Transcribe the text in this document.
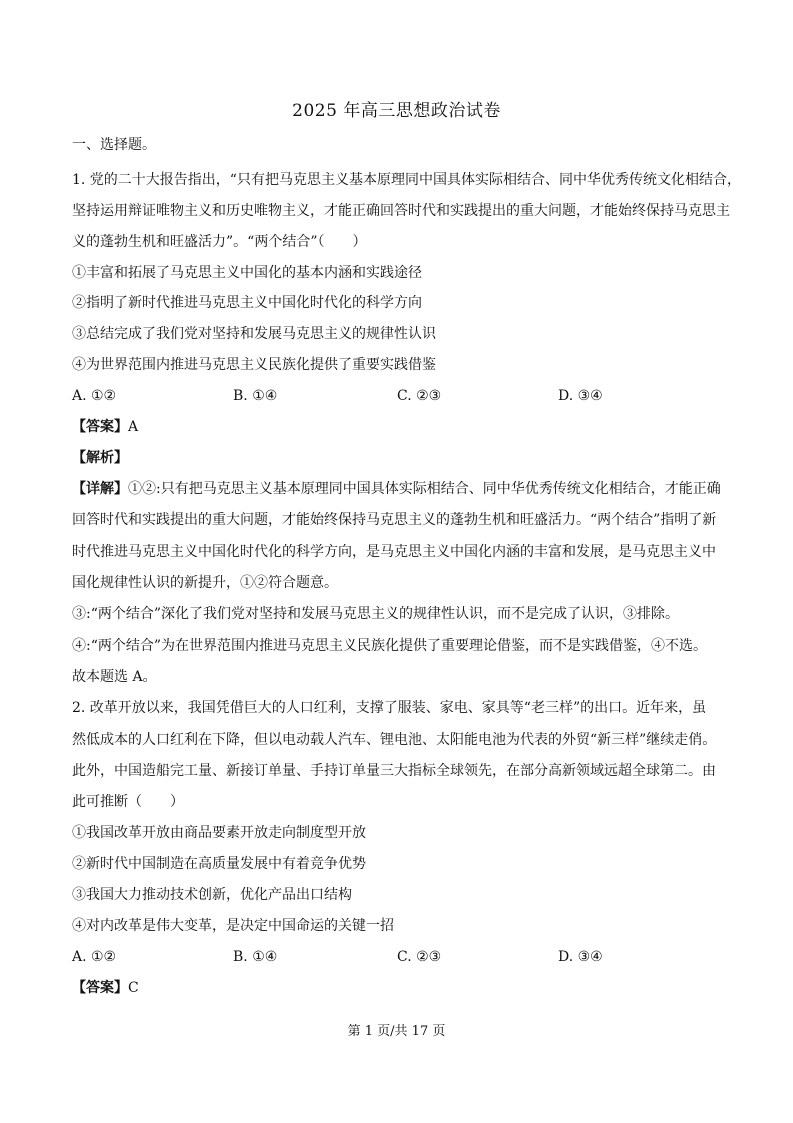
2025 年高三思想政治试卷
一、选择题。
1. 党的二十大报告指出，“只有把马克思主义基本原理同中国具体实际相结合、同中华优秀传统文化相结合，
坚持运用辩证唯物主义和历史唯物主义，才能正确回答时代和实践提出的重大问题，才能始终保持马克思主
义的蓬勃生机和旺盛活力”。“两个结合”（　　）
①丰富和拓展了马克思主义中国化的基本内涵和实践途径
②指明了新时代推进马克思主义中国化时代化的科学方向
③总结完成了我们党对坚持和发展马克思主义的规律性认识
④为世界范围内推进马克思主义民族化提供了重要实践借鉴
A. ①②	B. ①④	C. ②③	D. ③④
【答案】A
【解析】
【详解】①②:只有把马克思主义基本原理同中国具体实际相结合、同中华优秀传统文化相结合，才能正确
回答时代和实践提出的重大问题，才能始终保持马克思主义的蓬勃生机和旺盛活力。“两个结合”指明了新
时代推进马克思主义中国化时代化的科学方向，是马克思主义中国化内涵的丰富和发展，是马克思主义中
国化规律性认识的新提升，①②符合题意。
③:“两个结合”深化了我们党对坚持和发展马克思主义的规律性认识，而不是完成了认识，③排除。
④:“两个结合”为在世界范围内推进马克思主义民族化提供了重要理论借鉴，而不是实践借鉴，④不选。
故本题选 A。
2. 改革开放以来，我国凭借巨大的人口红利，支撑了服装、家电、家具等“老三样”的出口。近年来，虽
然低成本的人口红利在下降，但以电动载人汽车、锂电池、太阳能电池为代表的外贸“新三样”继续走俏。
此外，中国造船完工量、新接订单量、手持订单量三大指标全球领先，在部分高新领域远超全球第二。由
此可推断（　　）
①我国改革开放由商品要素开放走向制度型开放
②新时代中国制造在高质量发展中有着竞争优势
③我国大力推动技术创新，优化产品出口结构
④对内改革是伟大变革，是决定中国命运的关键一招
A. ①②	B. ①④	C. ②③	D. ③④
【答案】C
第 1 页/共 17 页
